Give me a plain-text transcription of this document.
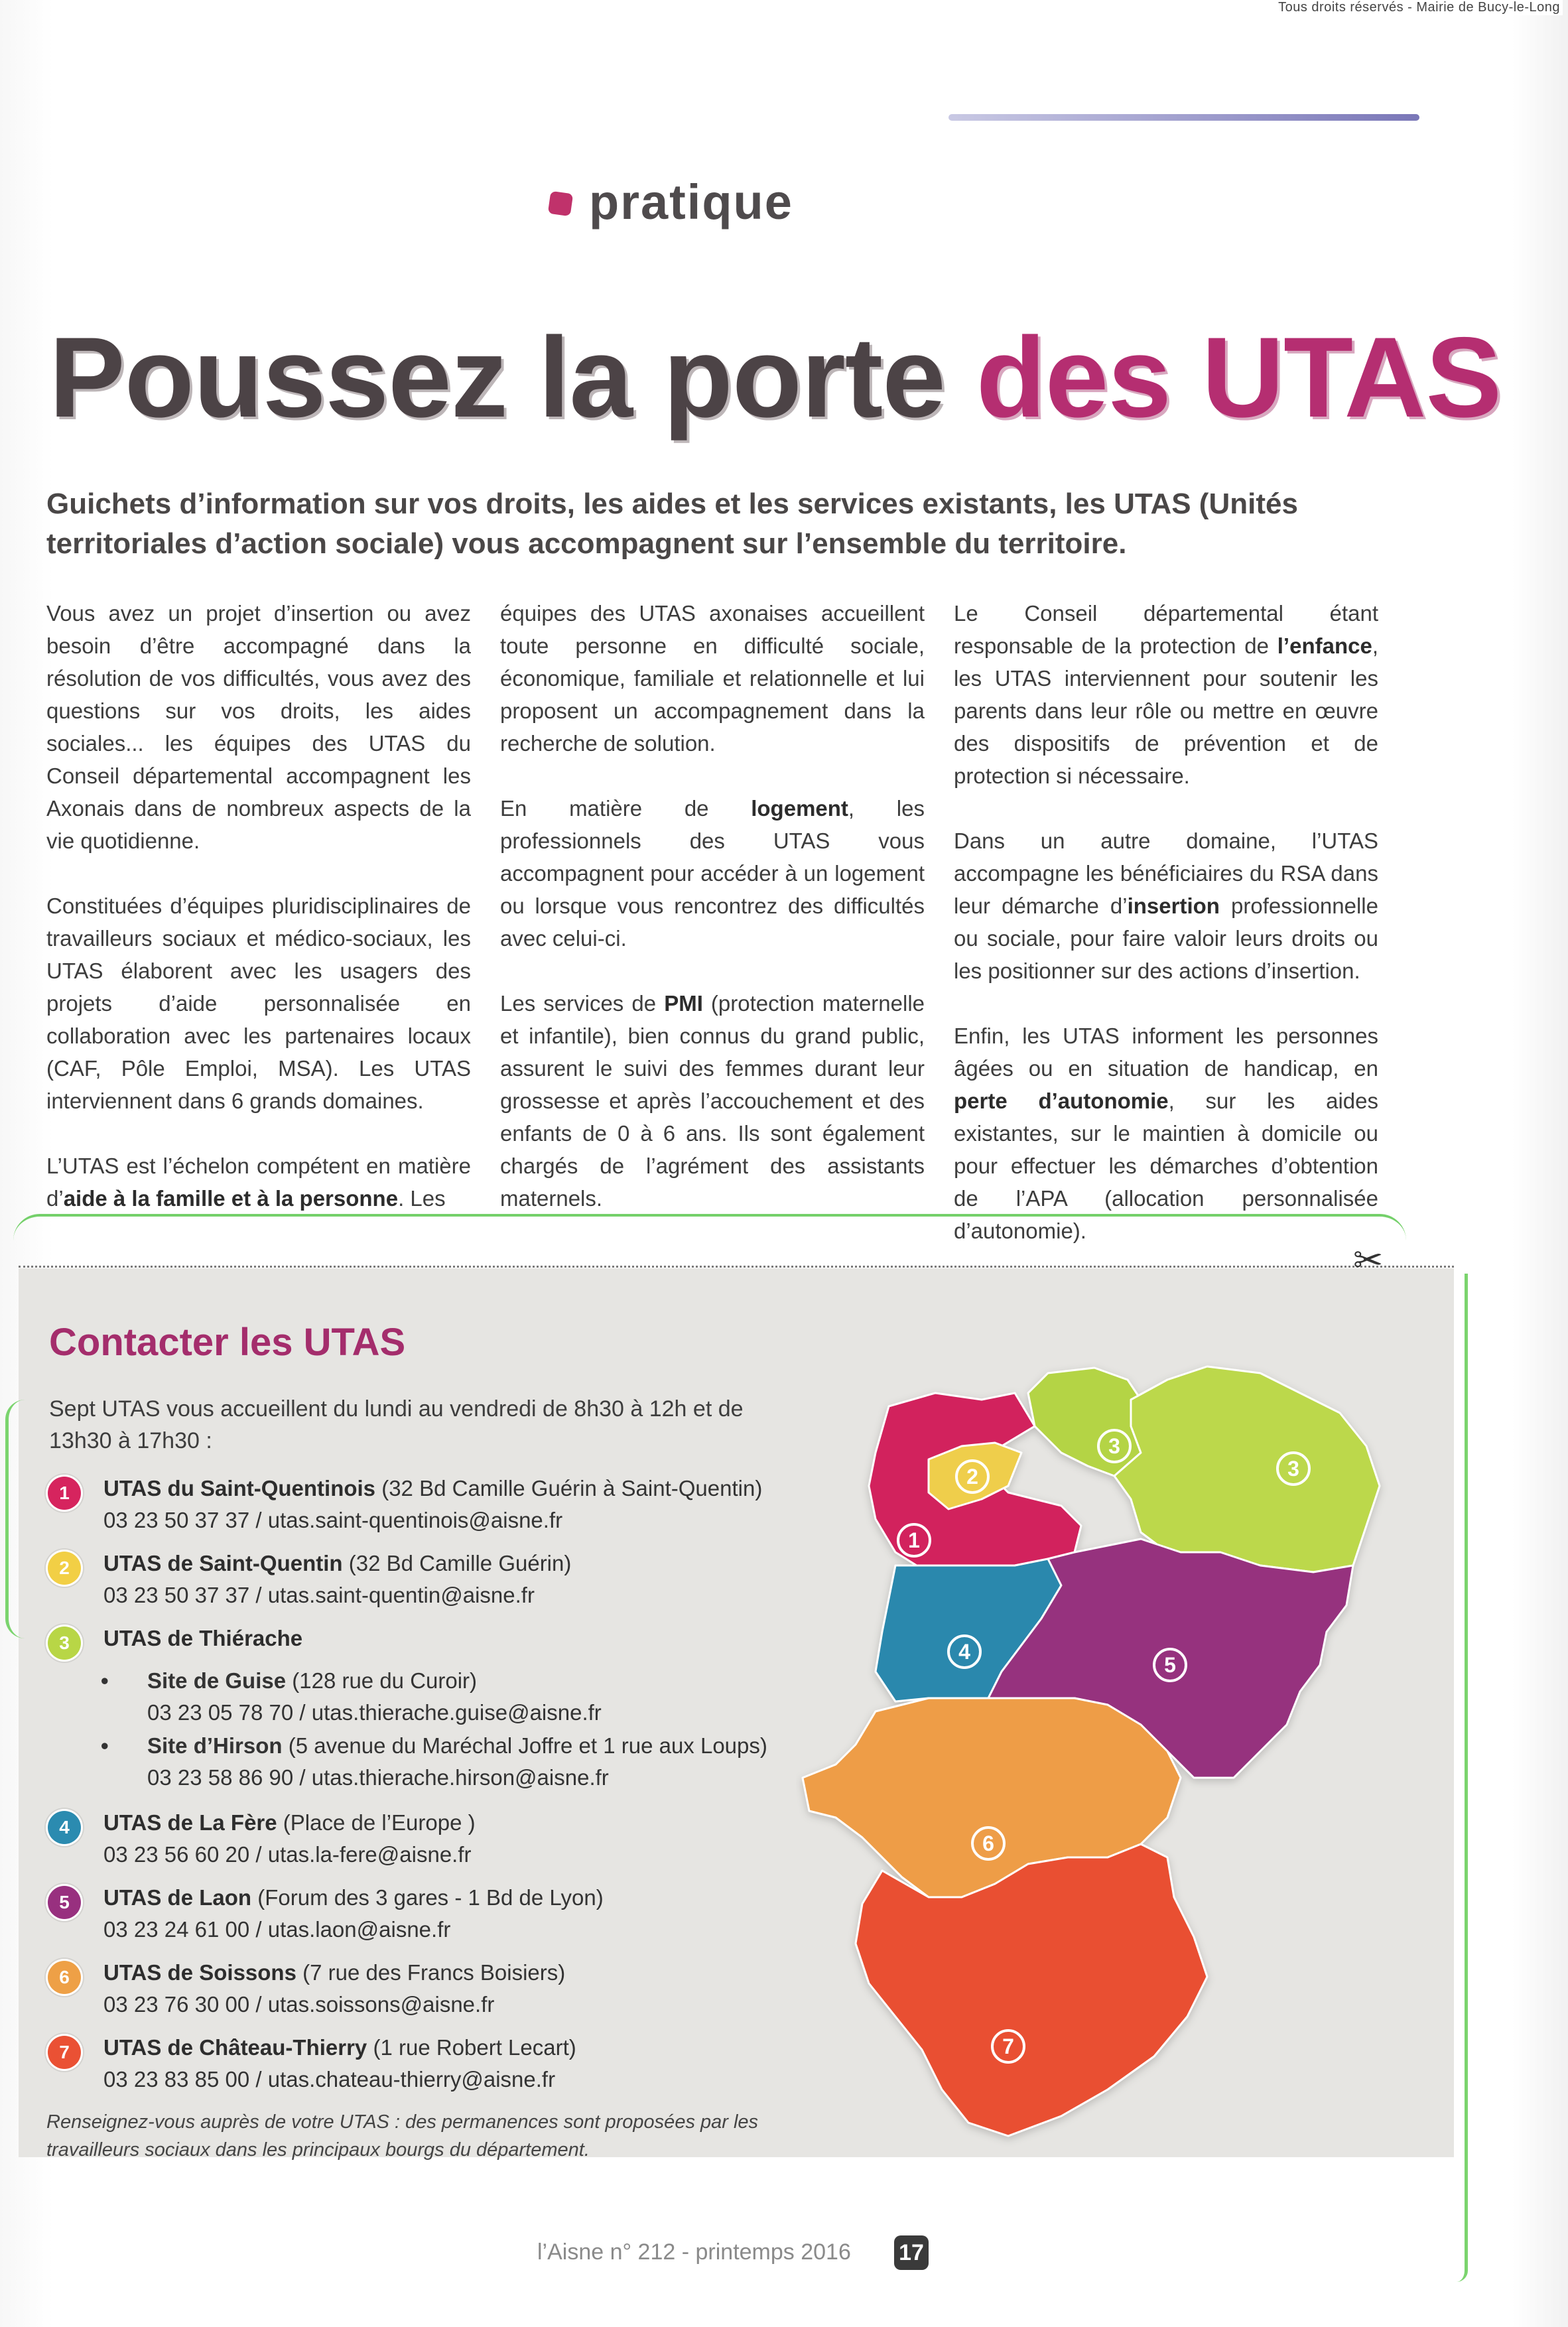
Tous droits réservés - Mairie de Bucy-le-Long
pratique
Poussez la porte des UTAS
Guichets d’information sur vos droits, les aides et les services existants, les UTAS (Unités territoriales d’action sociale) vous accompagnent sur l’ensemble du territoire.

Vous avez un projet d’insertion ou avez besoin d’être accompagné dans la résolution de vos difficultés, vous avez des questions sur vos droits, les aides sociales... les équipes des UTAS du Conseil départemental accompagnent les Axonais dans de nombreux aspects de la vie quotidienne.

Constituées d’équipes pluridisciplinaires de travailleurs sociaux et médico-sociaux, les UTAS élaborent avec les usagers des projets d’aide personnalisée en collaboration avec les partenaires locaux (CAF, Pôle Emploi, MSA). Les UTAS interviennent dans 6 grands domaines.

L’UTAS est l’échelon compétent en matière d’aide à la famille et à la personne. Les

équipes des UTAS axonaises accueillent toute personne en difficulté sociale, économique, familiale et relationnelle et lui proposent un accompagnement dans la recherche de solution.

En matière de logement, les professionnels des UTAS vous accompagnent pour accéder à un logement ou lorsque vous rencontrez des difficultés avec celui-ci.

Les services de PMI (protection maternelle et infantile), bien connus du grand public, assurent le suivi des femmes durant leur grossesse et après l’accouchement et des enfants de 0 à 6 ans. Ils sont également chargés de l’agrément des assistants maternels.

Le Conseil départemental étant responsable de la protection de l’enfance, les UTAS interviennent pour soutenir les parents dans leur rôle ou mettre en œuvre des dispositifs de prévention et de protection si nécessaire.

Dans un autre domaine, l’UTAS accompagne les bénéficiaires du RSA dans leur démarche d’insertion professionnelle ou sociale, pour faire valoir leurs droits ou les positionner sur des actions d’insertion.

Enfin, les UTAS informent les personnes âgées ou en situation de handicap, en perte d’autonomie, sur les aides existantes, sur le maintien à domicile ou pour effectuer les démarches d’obtention de l’APA (allocation personnalisée d’autonomie).

✂
Contacter les UTAS
Sept UTAS vous accueillent du lundi au vendredi de 8h30 à 12h et de 13h30 à 17h30 :
1	UTAS du Saint-Quentinois (32 Bd Camille Guérin à Saint-Quentin)
03 23 50 37 37 / utas.saint-quentinois@aisne.fr
2	UTAS de Saint-Quentin (32 Bd Camille Guérin)
03 23 50 37 37 / utas.saint-quentin@aisne.fr
3	UTAS de Thiérache
• Site de Guise (128 rue du Curoir)
03 23 05 78 70 / utas.thierache.guise@aisne.fr
• Site d’Hirson (5 avenue du Maréchal Joffre et 1 rue aux Loups)
03 23 58 86 90 / utas.thierache.hirson@aisne.fr
4	UTAS de La Fère (Place de l’Europe )
03 23 56 60 20 / utas.la-fere@aisne.fr
5	UTAS de Laon (Forum des 3 gares - 1 Bd de Lyon)
03 23 24 61 00 / utas.laon@aisne.fr
6	UTAS de Soissons (7 rue des Francs Boisiers)
03 23 76 30 00 / utas.soissons@aisne.fr
7	UTAS de Château-Thierry (1 rue Robert Lecart)
03 23 83 85 00 / utas.chateau-thierry@aisne.fr
Renseignez-vous auprès de votre UTAS : des permanences sont proposées par les travailleurs sociaux dans les principaux bourgs du département.
1
2
3
3
4
5
6
7
l’Aisne n° 212 - printemps 2016 17
